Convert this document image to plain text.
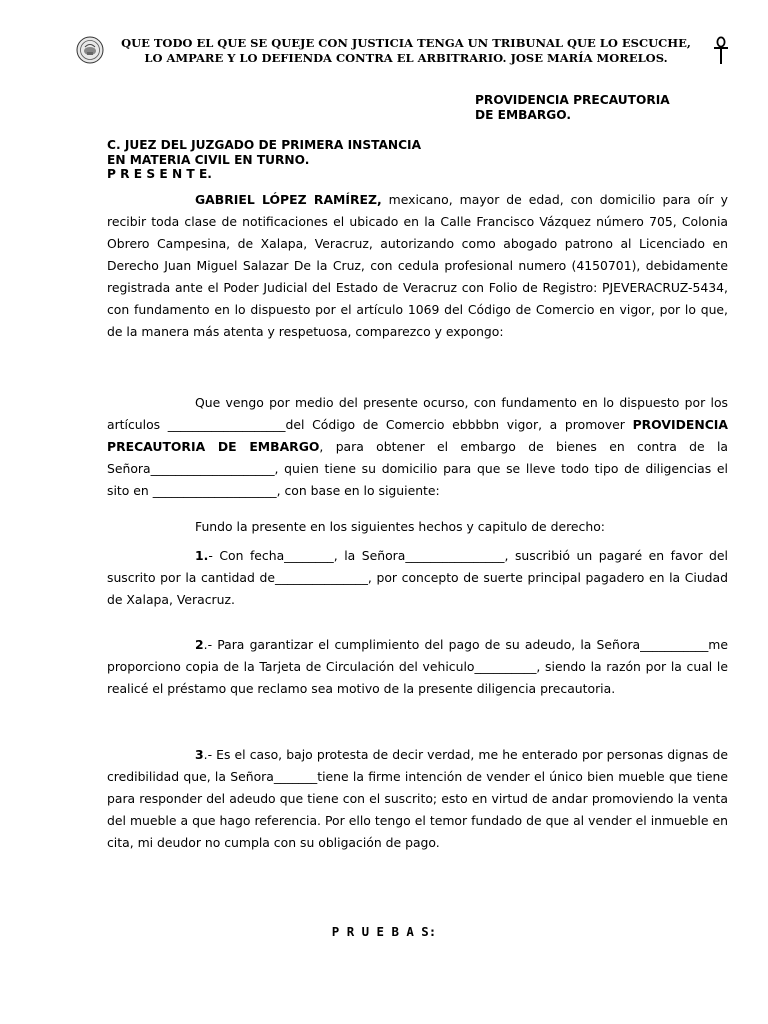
QUE TODO EL QUE SE QUEJE CON JUSTICIA TENGA UN TRIBUNAL QUE LO ESCUCHE,
LO AMPARE Y LO DEFIENDA CONTRA EL ARBITRARIO. JOSE MARÍA MORELOS.
PROVIDENCIA PRECAUTORIA
DE EMBARGO.
C. JUEZ DEL JUZGADO DE PRIMERA INSTANCIA
EN MATERIA CIVIL EN TURNO.
P R E S E N T E.

GABRIEL LÓPEZ RAMÍREZ, mexicano, mayor de edad, con domicilio para oír y recibir toda clase de notificaciones el ubicado en la Calle Francisco Vázquez número 705, Colonia Obrero Campesina, de Xalapa, Veracruz, autorizando como abogado patrono al Licenciado en Derecho Juan Miguel Salazar De la Cruz, con cedula profesional numero (4150701), debidamente registrada ante el Poder Judicial del Estado de Veracruz con Folio de Registro: PJEVERACRUZ-5434, con fundamento en lo dispuesto por el artículo 1069 del Código de Comercio en vigor, por lo que, de la manera más atenta y respetuosa, comparezco y expongo:

Que vengo por medio del presente ocurso, con fundamento en lo dispuesto por los artículos ___________________del Código de Comercio ebbbbn vigor, a promover PROVIDENCIA PRECAUTORIA DE EMBARGO, para obtener el embargo de bienes en contra de la Señora____________________, quien tiene su domicilio para que se lleve todo tipo de diligencias el sito en ____________________, con base en lo siguiente:

Fundo la presente en los siguientes hechos y capitulo de derecho:

1.- Con fecha________, la Señora________________, suscribió un pagaré en favor del suscrito por la cantidad de_______________, por concepto de suerte principal pagadero en la Ciudad de Xalapa, Veracruz.

2.- Para garantizar el cumplimiento del pago de su adeudo, la Señora___________me proporciono copia de la Tarjeta de Circulación del vehiculo__________, siendo la razón por la cual le realicé el préstamo que reclamo sea motivo de la presente diligencia precautoria.

3.- Es el caso, bajo protesta de decir verdad, me he enterado por personas dignas de credibilidad que, la Señora_______tiene la firme intención de vender el único bien mueble que tiene para responder del adeudo que tiene con el suscrito; esto en virtud de andar promoviendo la venta del mueble a que hago referencia. Por ello tengo el temor fundado de que al vender el inmueble en cita, mi deudor no cumpla con su obligación de pago.

P R U E B A S:
